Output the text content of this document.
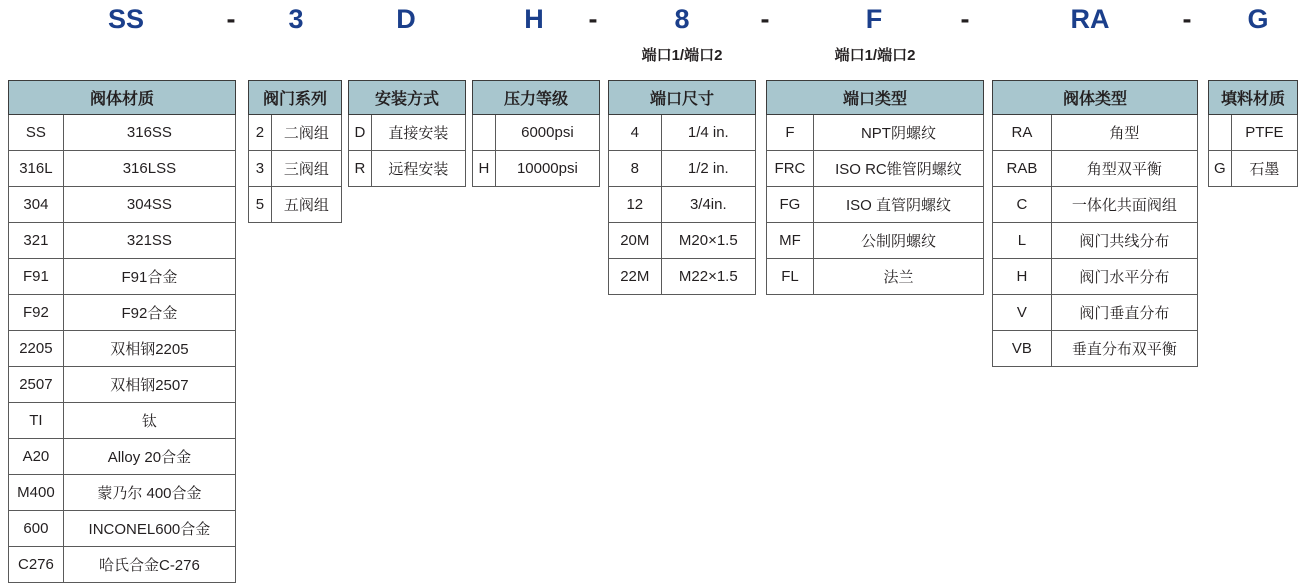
SS	-	3	D	H	-	8	-	F	-	RA	-	G
端口1/端口2	端口1/端口2
阀体材质	
SS	316SS
316L	316LSS
304	304SS
321	321SS
F91	F91合金
F92	F92合金
2205	双相钢2205
2507	双相钢2507
TI	钛
A20	Alloy 20合金
M400	蒙乃尔 400合金
600	INCONEL600合金
C276	哈氏合金C-276
阀门系列	
2	二阀组
3	三阀组
5	五阀组
安装方式	
D	直接安装
R	远程安装
压力等级	
	6000psi
H	10000psi
端口尺寸	
4	1/4 in.
8	1/2 in.
12	3/4in.
20M	M20×1.5
22M	M22×1.5
端口类型	
F	NPT阴螺纹
FRC	ISO RC锥管阴螺纹
FG	ISO 直管阴螺纹
MF	公制阴螺纹
FL	法兰
阀体类型	
RA	角型
RAB	角型双平衡
C	一体化共面阀组
L	阀门共线分布
H	阀门水平分布
V	阀门垂直分布
VB	垂直分布双平衡
填料材质	
	PTFE
G	石墨
